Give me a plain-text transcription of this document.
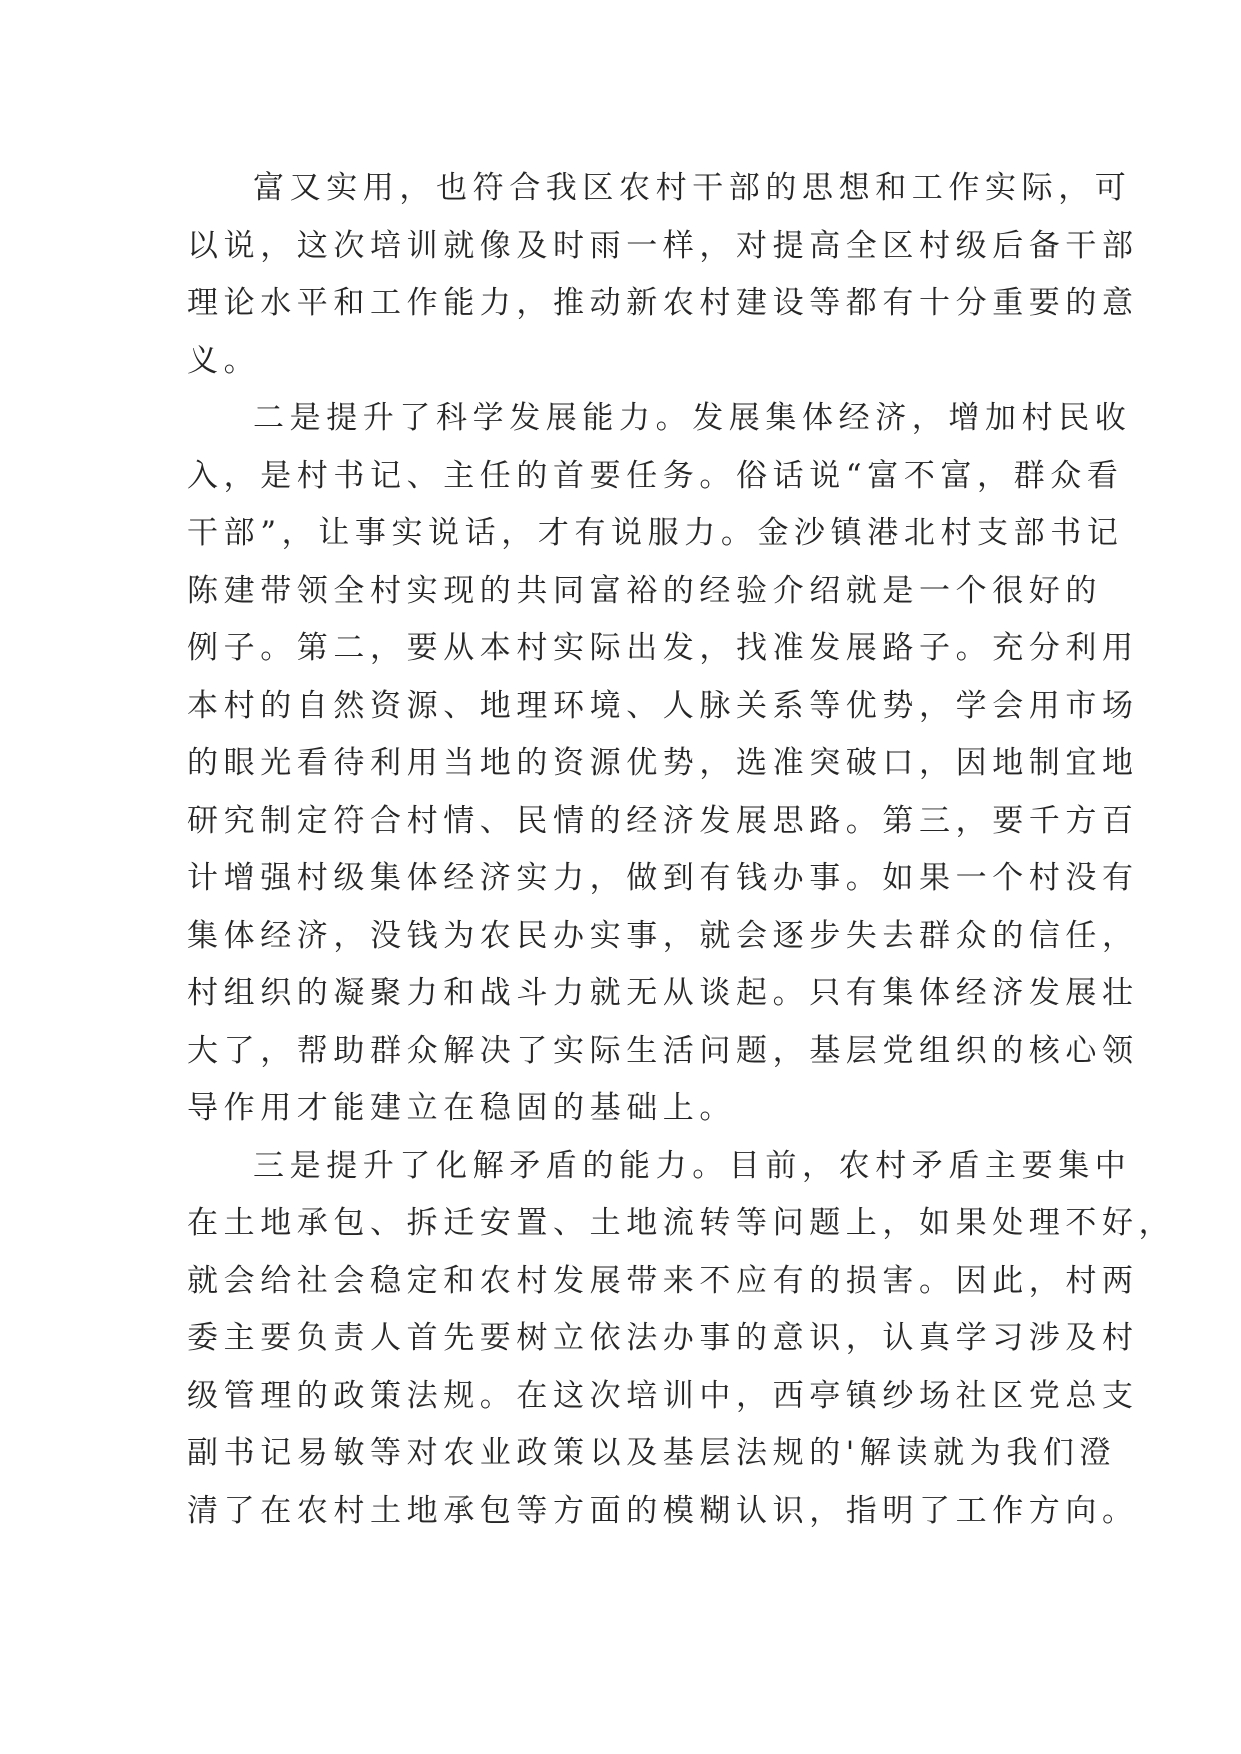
富又实用，也符合我区农村干部的思想和工作实际，可
以说，这次培训就像及时雨一样，对提高全区村级后备干部
理论水平和工作能力，推动新农村建设等都有十分重要的意
义。
二是提升了科学发展能力。发展集体经济，增加村民收
入，是村书记、主任的首要任务。俗话说“富不富，群众看
干部”，让事实说话，才有说服力。金沙镇港北村支部书记
陈建带领全村实现的共同富裕的经验介绍就是一个很好的
例子。第二，要从本村实际出发，找准发展路子。充分利用
本村的自然资源、地理环境、人脉关系等优势，学会用市场
的眼光看待利用当地的资源优势，选准突破口，因地制宜地
研究制定符合村情、民情的经济发展思路。第三，要千方百
计增强村级集体经济实力，做到有钱办事。如果一个村没有
集体经济，没钱为农民办实事，就会逐步失去群众的信任，
村组织的凝聚力和战斗力就无从谈起。只有集体经济发展壮
大了，帮助群众解决了实际生活问题，基层党组织的核心领
导作用才能建立在稳固的基础上。
三是提升了化解矛盾的能力。目前，农村矛盾主要集中
在土地承包、拆迁安置、土地流转等问题上，如果处理不好，
就会给社会稳定和农村发展带来不应有的损害。因此，村两
委主要负责人首先要树立依法办事的意识，认真学习涉及村
级管理的政策法规。在这次培训中，西亭镇纱场社区党总支
副书记易敏等对农业政策以及基层法规的'解读就为我们澄
清了在农村土地承包等方面的模糊认识，指明了工作方向。
